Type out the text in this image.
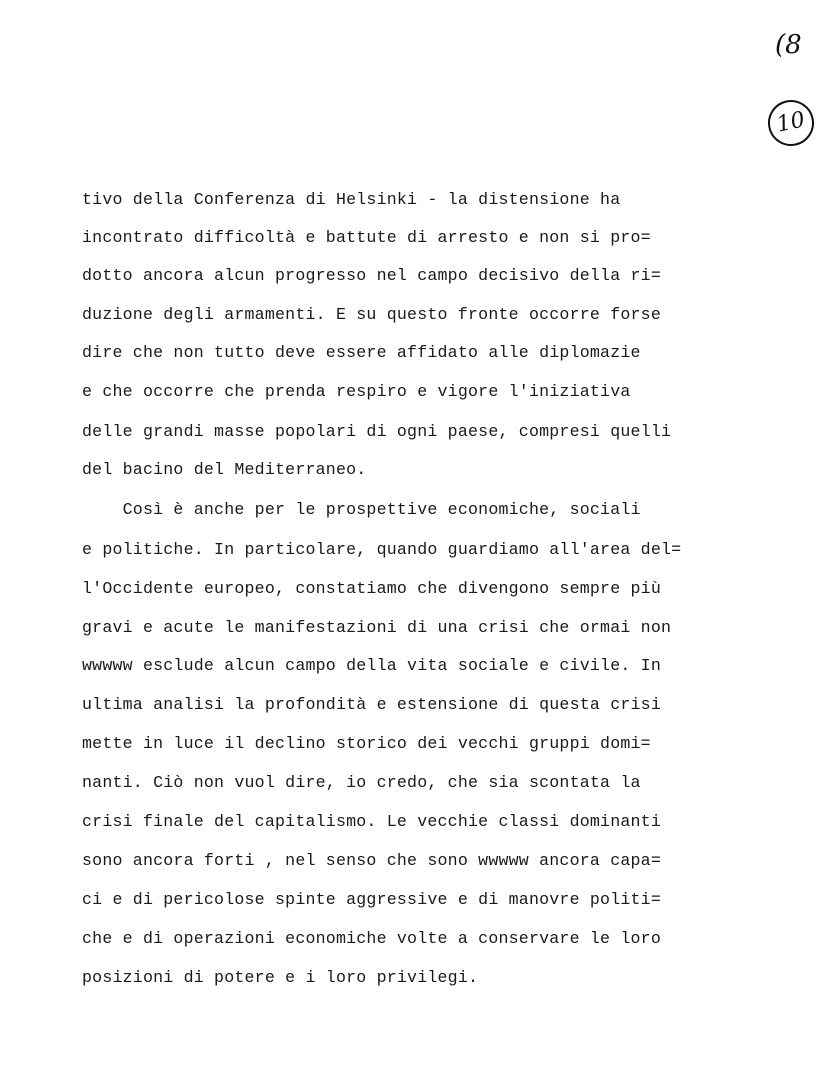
(8
10
tivo della Conferenza di Helsinki - la distensione ha
incontrato difficoltà e battute di arresto e non si pro=
dotto ancora alcun progresso nel campo decisivo della ri=
duzione degli armamenti. E su questo fronte occorre forse
dire che non tutto deve essere affidato alle diplomazie
e che occorre che prenda respiro e vigore l'iniziativa
delle grandi masse popolari di ogni paese, compresi quelli
del bacino del Mediterraneo.
Così è anche per le prospettive economiche, sociali
e politiche. In particolare, quando guardiamo all'area del=
l'Occidente europeo, constatiamo che divengono sempre più
gravi e acute le manifestazioni di una crisi che ormai non
wwwww esclude alcun campo della vita sociale e civile. In
ultima analisi la profondità e estensione di questa crisi
mette in luce il declino storico dei vecchi gruppi domi=
nanti. Ciò non vuol dire, io credo, che sia scontata la
crisi finale del capitalismo. Le vecchie classi dominanti
sono ancora forti , nel senso che sono wwwww ancora capa=
ci e di pericolose spinte aggressive e di manovre politi=
che e di operazioni economiche volte a conservare le loro
posizioni di potere e i loro privilegi.
